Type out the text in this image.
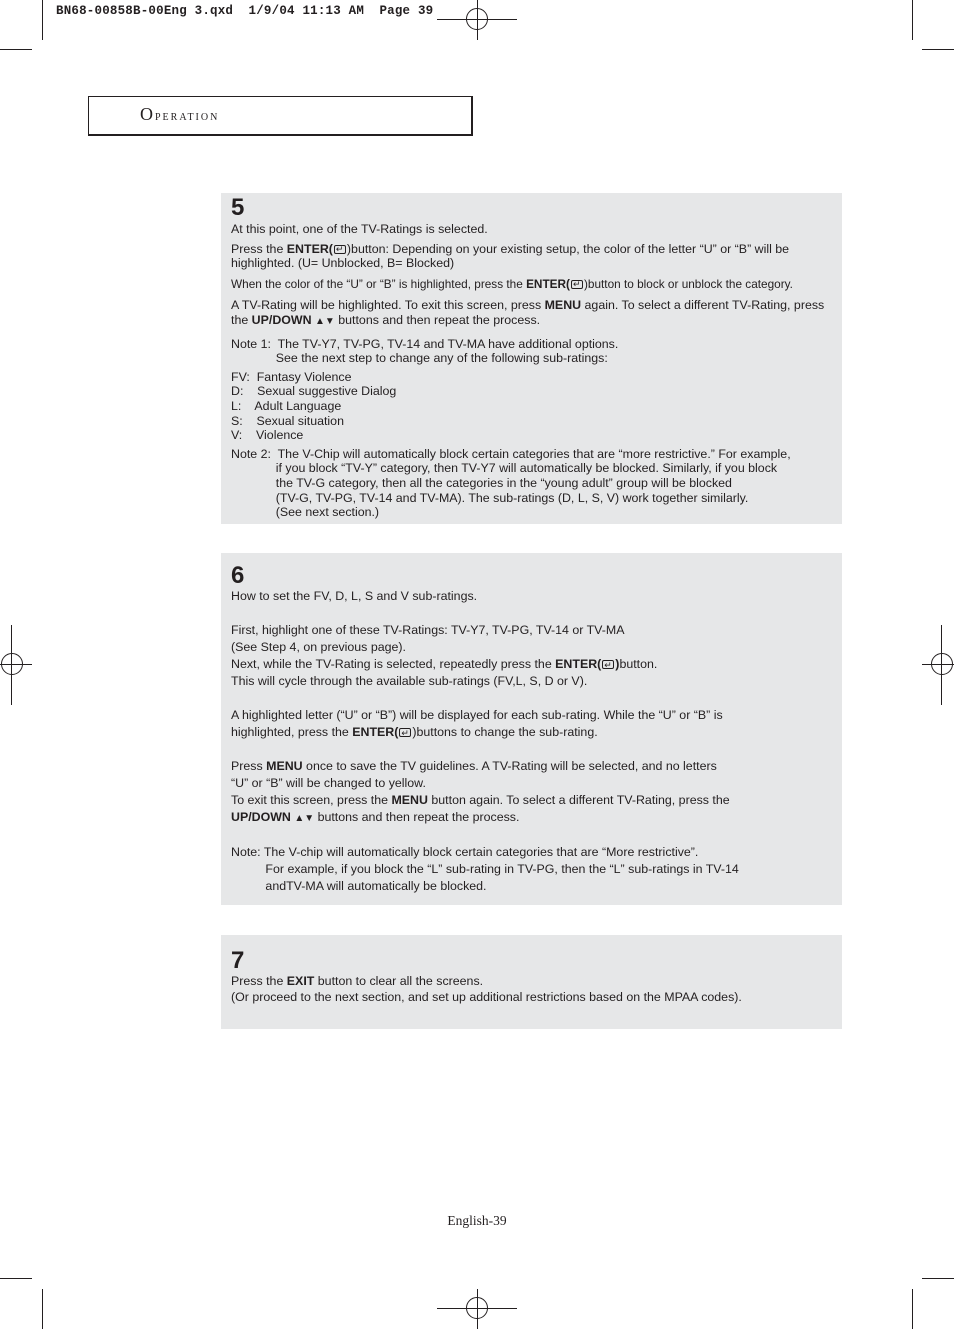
BN68-00858B-00Eng 3.qxd  1/9/04 11:13 AM  Page 39
Operation
5

At this point, one of the TV-Ratings is selected.

Press the ENTER( ↵ )button: Depending on your existing setup, the color of the letter “U” or “B” will be

highlighted. (U= Unblocked, B= Blocked)

When the color of the “U” or “B” is highlighted, press the ENTER( ↵ )button to block or unblock the category.

A TV-Rating will be highlighted. To exit this screen, press MENU again. To select a different TV-Rating, press

the UP/DOWN ▲▼ buttons and then repeat the process.

Note 1:  The TV-Y7, TV-PG, TV-14 and TV-MA have additional options.

See the next step to change any of the following sub-ratings:

FV:  Fantasy Violence

D:    Sexual suggestive Dialog

L:    Adult Language

S:    Sexual situation

V:    Violence

Note 2:  The V-Chip will automatically block certain categories that are “more restrictive.” For example,

if you block “TV-Y” category, then TV-Y7 will automatically be blocked. Similarly, if you block

the TV-G category, then all the categories in the “young adult” group will be blocked

(TV-G, TV-PG, TV-14 and TV-MA). The sub-ratings (D, L, S, V) work together similarly.

(See next section.)

6

How to set the FV, D, L, S and V sub-ratings.

First, highlight one of these TV-Ratings: TV-Y7, TV-PG, TV-14 or TV-MA

(See Step 4, on previous page).

Next, while the TV-Rating is selected, repeatedly press the ENTER( ↵ )button.

This will cycle through the available sub-ratings (FV,L, S, D or V).

A highlighted letter (“U” or “B”) will be displayed for each sub-rating. While the “U” or “B” is

highlighted, press the ENTER( ↵ )buttons to change the sub-rating.

Press MENU once to save the TV guidelines. A TV-Rating will be selected, and no letters

“U” or “B” will be changed to yellow.

To exit this screen, press the MENU button again. To select a different TV-Rating, press the

UP/DOWN ▲▼ buttons and then repeat the process.

Note: The V-chip will automatically block certain categories that are “More restrictive”.

For example, if you block the “L” sub-rating in TV-PG, then the “L” sub-ratings in TV-14

andTV-MA will automatically be blocked.

7

Press the EXIT button to clear all the screens.

(Or proceed to the next section, and set up additional restrictions based on the MPAA codes).

English-39
